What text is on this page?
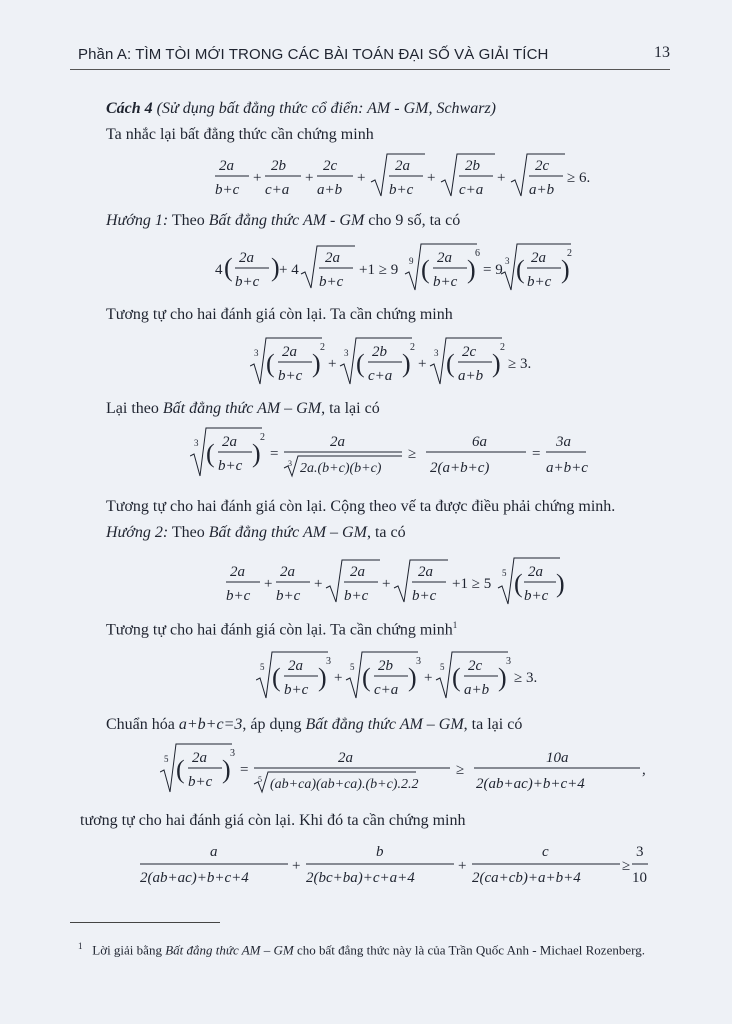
Phần A: TÌM TÒI MỚI TRONG CÁC BÀI TOÁN ĐẠI SỐ VÀ GIẢI TÍCH	13
Cách 4 (Sử dụng bất đẳng thức cổ điển: AM - GM, Schwarz)
Ta nhắc lại bất đẳng thức cần chứng minh
2a
b+c
+
2b
c+a
+
2c
a+b
+
2a
b+c
+
2b
c+a
+
2c
a+b
≥ 6.
Hướng 1: Theo Bất đẳng thức AM - GM cho 9 số, ta có
4 ( 2a
b+c ) + 4
2a
b+c
+1 ≥ 9
9 ( 2a
b+c )
6
= 9
3 ( 2a
b+c )
2
Tương tự cho hai đánh giá còn lại. Ta cần chứng minh
3 ( 2a
b+c )
2
+
3 ( 2b
c+a )
2
+
3 ( 2c
a+b )
2
≥ 3.
Lại theo Bất đẳng thức AM – GM, ta lại có
3 ( 2a
b+c )
2
=
2a
3 2a.(b+c)(b+c)
≥
6a
2(a+b+c)
=
3a
a+b+c
Tương tự cho hai đánh giá còn lại. Cộng theo vế ta được điều phải chứng minh.
Hướng 2: Theo Bất đẳng thức AM – GM, ta có
2a
b+c
+
2a
b+c
+
2a
b+c
+
2a
b+c
+1 ≥ 5
5 ( 2a
b+c )
Tương tự cho hai đánh giá còn lại. Ta cần chứng minh$^1$
5 ( 2a
b+c )
3
+
5 ( 2b
c+a )
3
+
5 ( 2c
a+b )
3
≥ 3.
Chuẩn hóa a+b+c=3, áp dụng Bất đẳng thức AM – GM, ta lại có
5 ( 2a
b+c )
3
=
2a
5 (ab+ca)(ab+ca).(b+c).2.2
≥
10a
2(ab+ac)+b+c+4
,
tương tự cho hai đánh giá còn lại. Khi đó ta cần chứng minh
a
2(ab+ac)+b+c+4
+
b
2(bc+ba)+c+a+4
+
c
2(ca+cb)+a+b+4
≥
3
10
$^1$ Lời giải bằng Bất đẳng thức AM – GM cho bất đẳng thức này là của Trần Quốc Anh - Michael Rozenberg.
